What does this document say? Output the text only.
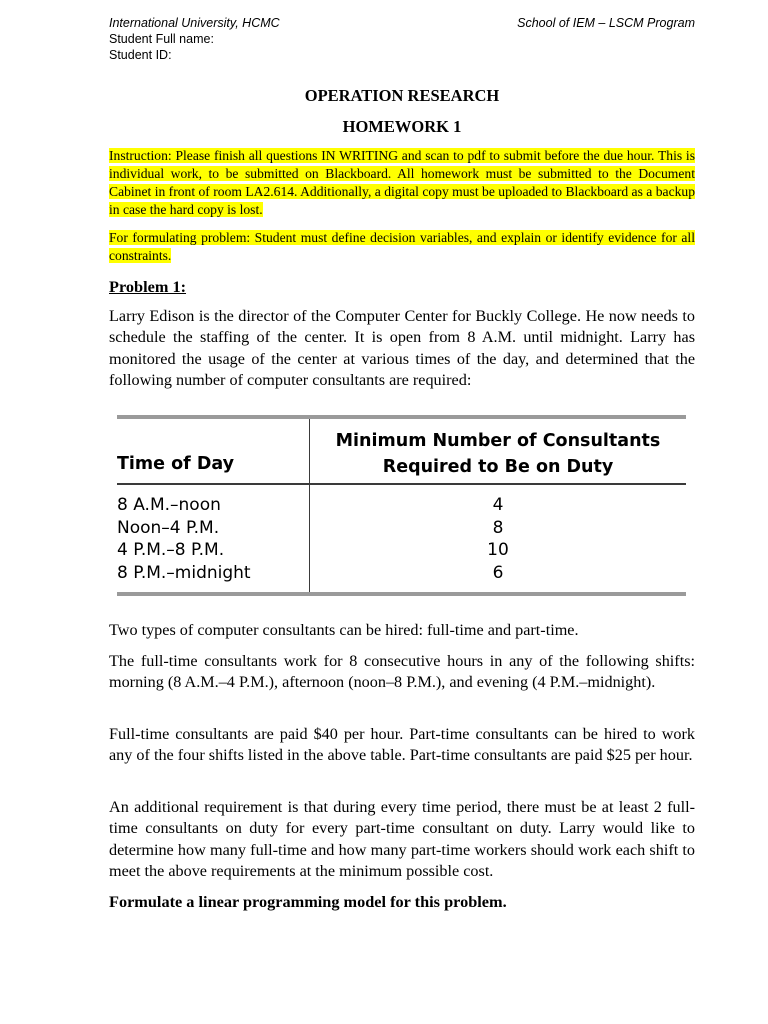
International University, HCMC
Student Full name:
Student ID:
School of IEM – LSCM Program
OPERATION RESEARCH
HOMEWORK 1

Instruction: Please finish all questions IN WRITING and scan to pdf to submit before the due hour. This is individual work, to be submitted on Blackboard. All homework must be submitted to the Document Cabinet in front of room LA2.614. Additionally, a digital copy must be uploaded to Blackboard as a backup in case the hard copy is lost.

For formulating problem: Student must define decision variables, and explain or identify evidence for all constraints.

Problem 1:

Larry Edison is the director of the Computer Center for Buckly College. He now needs to schedule the staffing of the center. It is open from 8 A.M. until midnight. Larry has monitored the usage of the center at various times of the day, and determined that the following number of computer consultants are required:

Time of Day
Minimum Number of Consultants
Required to Be on Duty
8 A.M.–noon	4
Noon–4 P.M.	8
4 P.M.–8 P.M.	10
8 P.M.–midnight	6

Two types of computer consultants can be hired: full-time and part-time.

The full-time consultants work for 8 consecutive hours in any of the following shifts: morning (8 A.M.–4 P.M.), afternoon (noon–8 P.M.), and evening (4 P.M.–midnight).

Full-time consultants are paid $40 per hour. Part-time consultants can be hired to work any of the four shifts listed in the above table. Part-time consultants are paid $25 per hour.

An additional requirement is that during every time period, there must be at least 2 full-time consultants on duty for every part-time consultant on duty. Larry would like to determine how many full-time and how many part-time workers should work each shift to meet the above requirements at the minimum possible cost.

Formulate a linear programming model for this problem.
